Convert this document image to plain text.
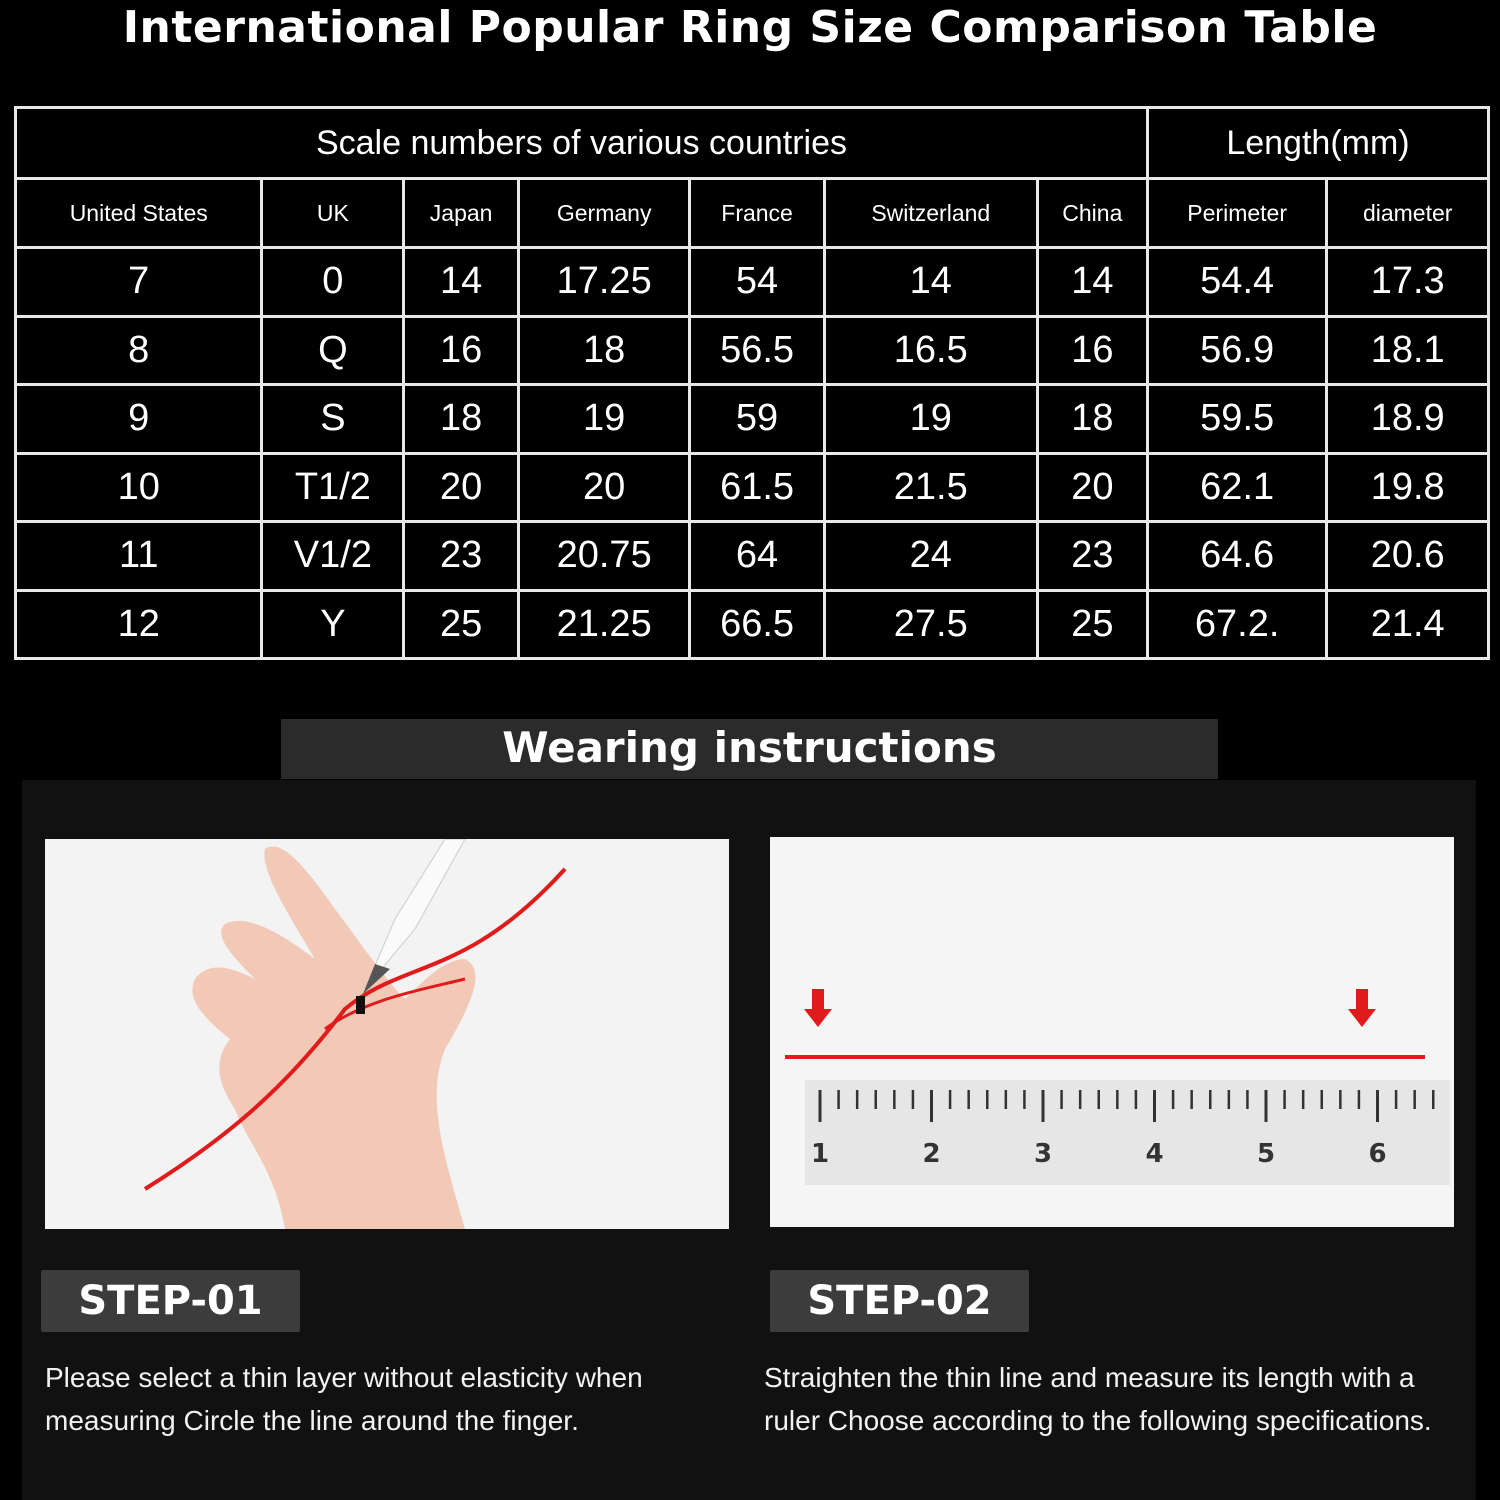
International Popular Ring Size Comparison Table
Scale numbers of various countries							Length(mm)	
United States	UK	Japan	Germany	France	Switzerland	China	Perimeter	diameter
7	0	14	17.25	54	14	14	54.4	17.3
8	Q	16	18	56.5	16.5	16	56.9	18.1
9	S	18	19	59	19	18	59.5	18.9
10	T1/2	20	20	61.5	21.5	20	62.1	19.8
11	V1/2	23	20.75	64	24	23	64.6	20.6
12	Y	25	21.25	66.5	27.5	25	67.2.	21.4
Wearing instructions
1	2	3	4	5	6
STEP-01	STEP-02
Please select a thin layer without elasticity when measuring Circle the line around the finger.
Straighten the thin line and measure its length with a ruler Choose according to the following specifications.
